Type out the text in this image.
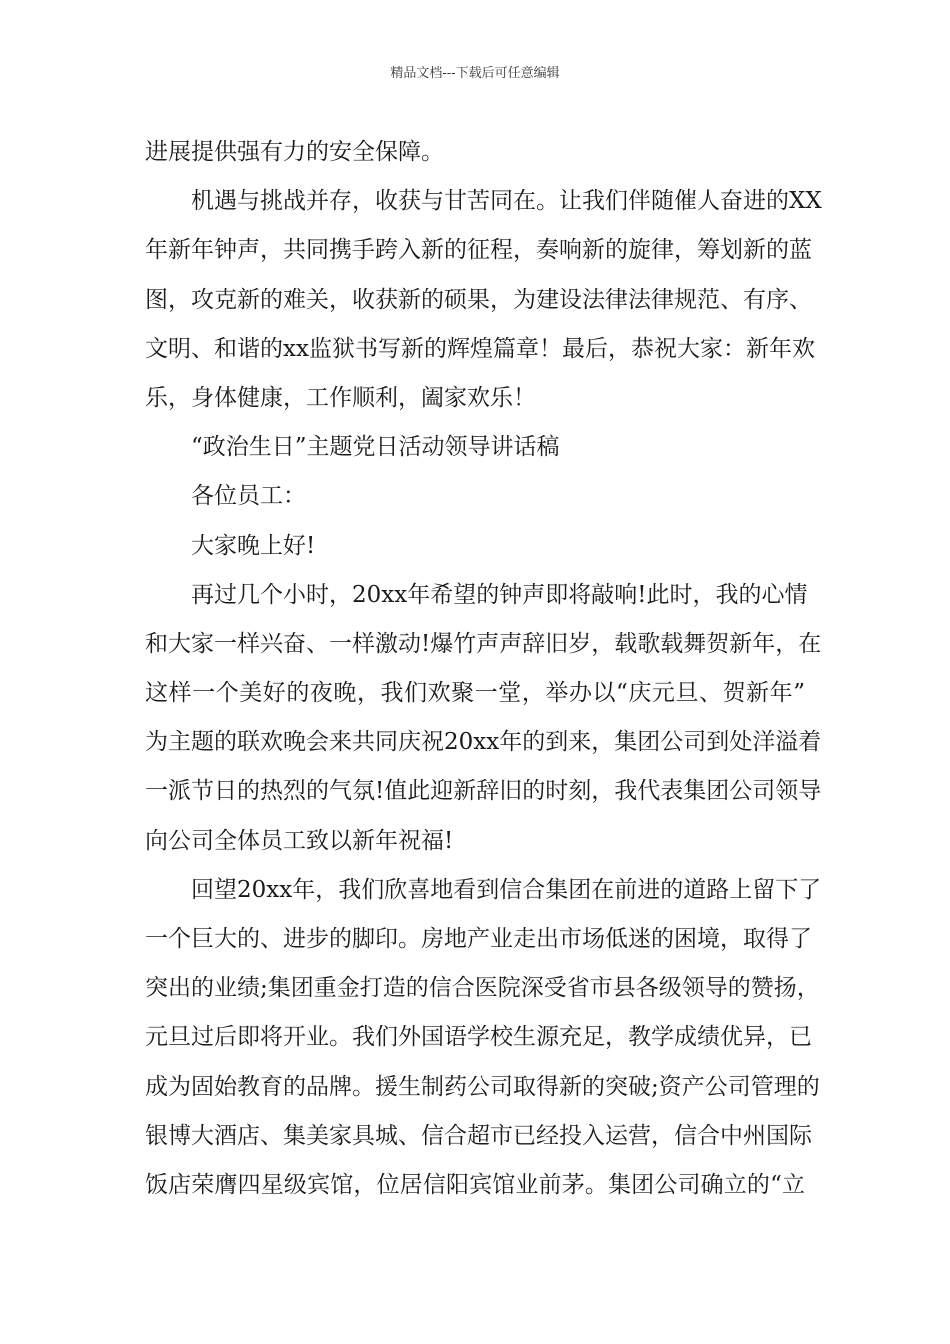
精品文档---下载后可任意编辑
进展提供强有力的安全保障。
机遇与挑战并存，收获与甘苦同在。让我们伴随催人奋进的XX
年新年钟声，共同携手跨入新的征程，奏响新的旋律，筹划新的蓝
图，攻克新的难关，收获新的硕果，为建设法律法律规范、有序、
文明、和谐的xx监狱书写新的辉煌篇章！最后，恭祝大家：新年欢
乐，身体健康，工作顺利，阖家欢乐！
“政治生日”主题党日活动领导讲话稿
各位员工：
大家晚上好!
再过几个小时，20xx年希望的钟声即将敲响!此时，我的心情
和大家一样兴奋、一样激动!爆竹声声辞旧岁，载歌载舞贺新年，在
这样一个美好的夜晚，我们欢聚一堂，举办以“庆元旦、贺新年”
为主题的联欢晚会来共同庆祝20xx年的到来，集团公司到处洋溢着
一派节日的热烈的气氛!值此迎新辞旧的时刻，我代表集团公司领导
向公司全体员工致以新年祝福!
回望20xx年，我们欣喜地看到信合集团在前进的道路上留下了
一个巨大的、进步的脚印。房地产业走出市场低迷的困境，取得了
突出的业绩;集团重金打造的信合医院深受省市县各级领导的赞扬，
元旦过后即将开业。我们外国语学校生源充足，教学成绩优异，已
成为固始教育的品牌。援生制药公司取得新的突破;资产公司管理的
银博大酒店、集美家具城、信合超市已经投入运营，信合中州国际
饭店荣膺四星级宾馆，位居信阳宾馆业前茅。集团公司确立的“立
